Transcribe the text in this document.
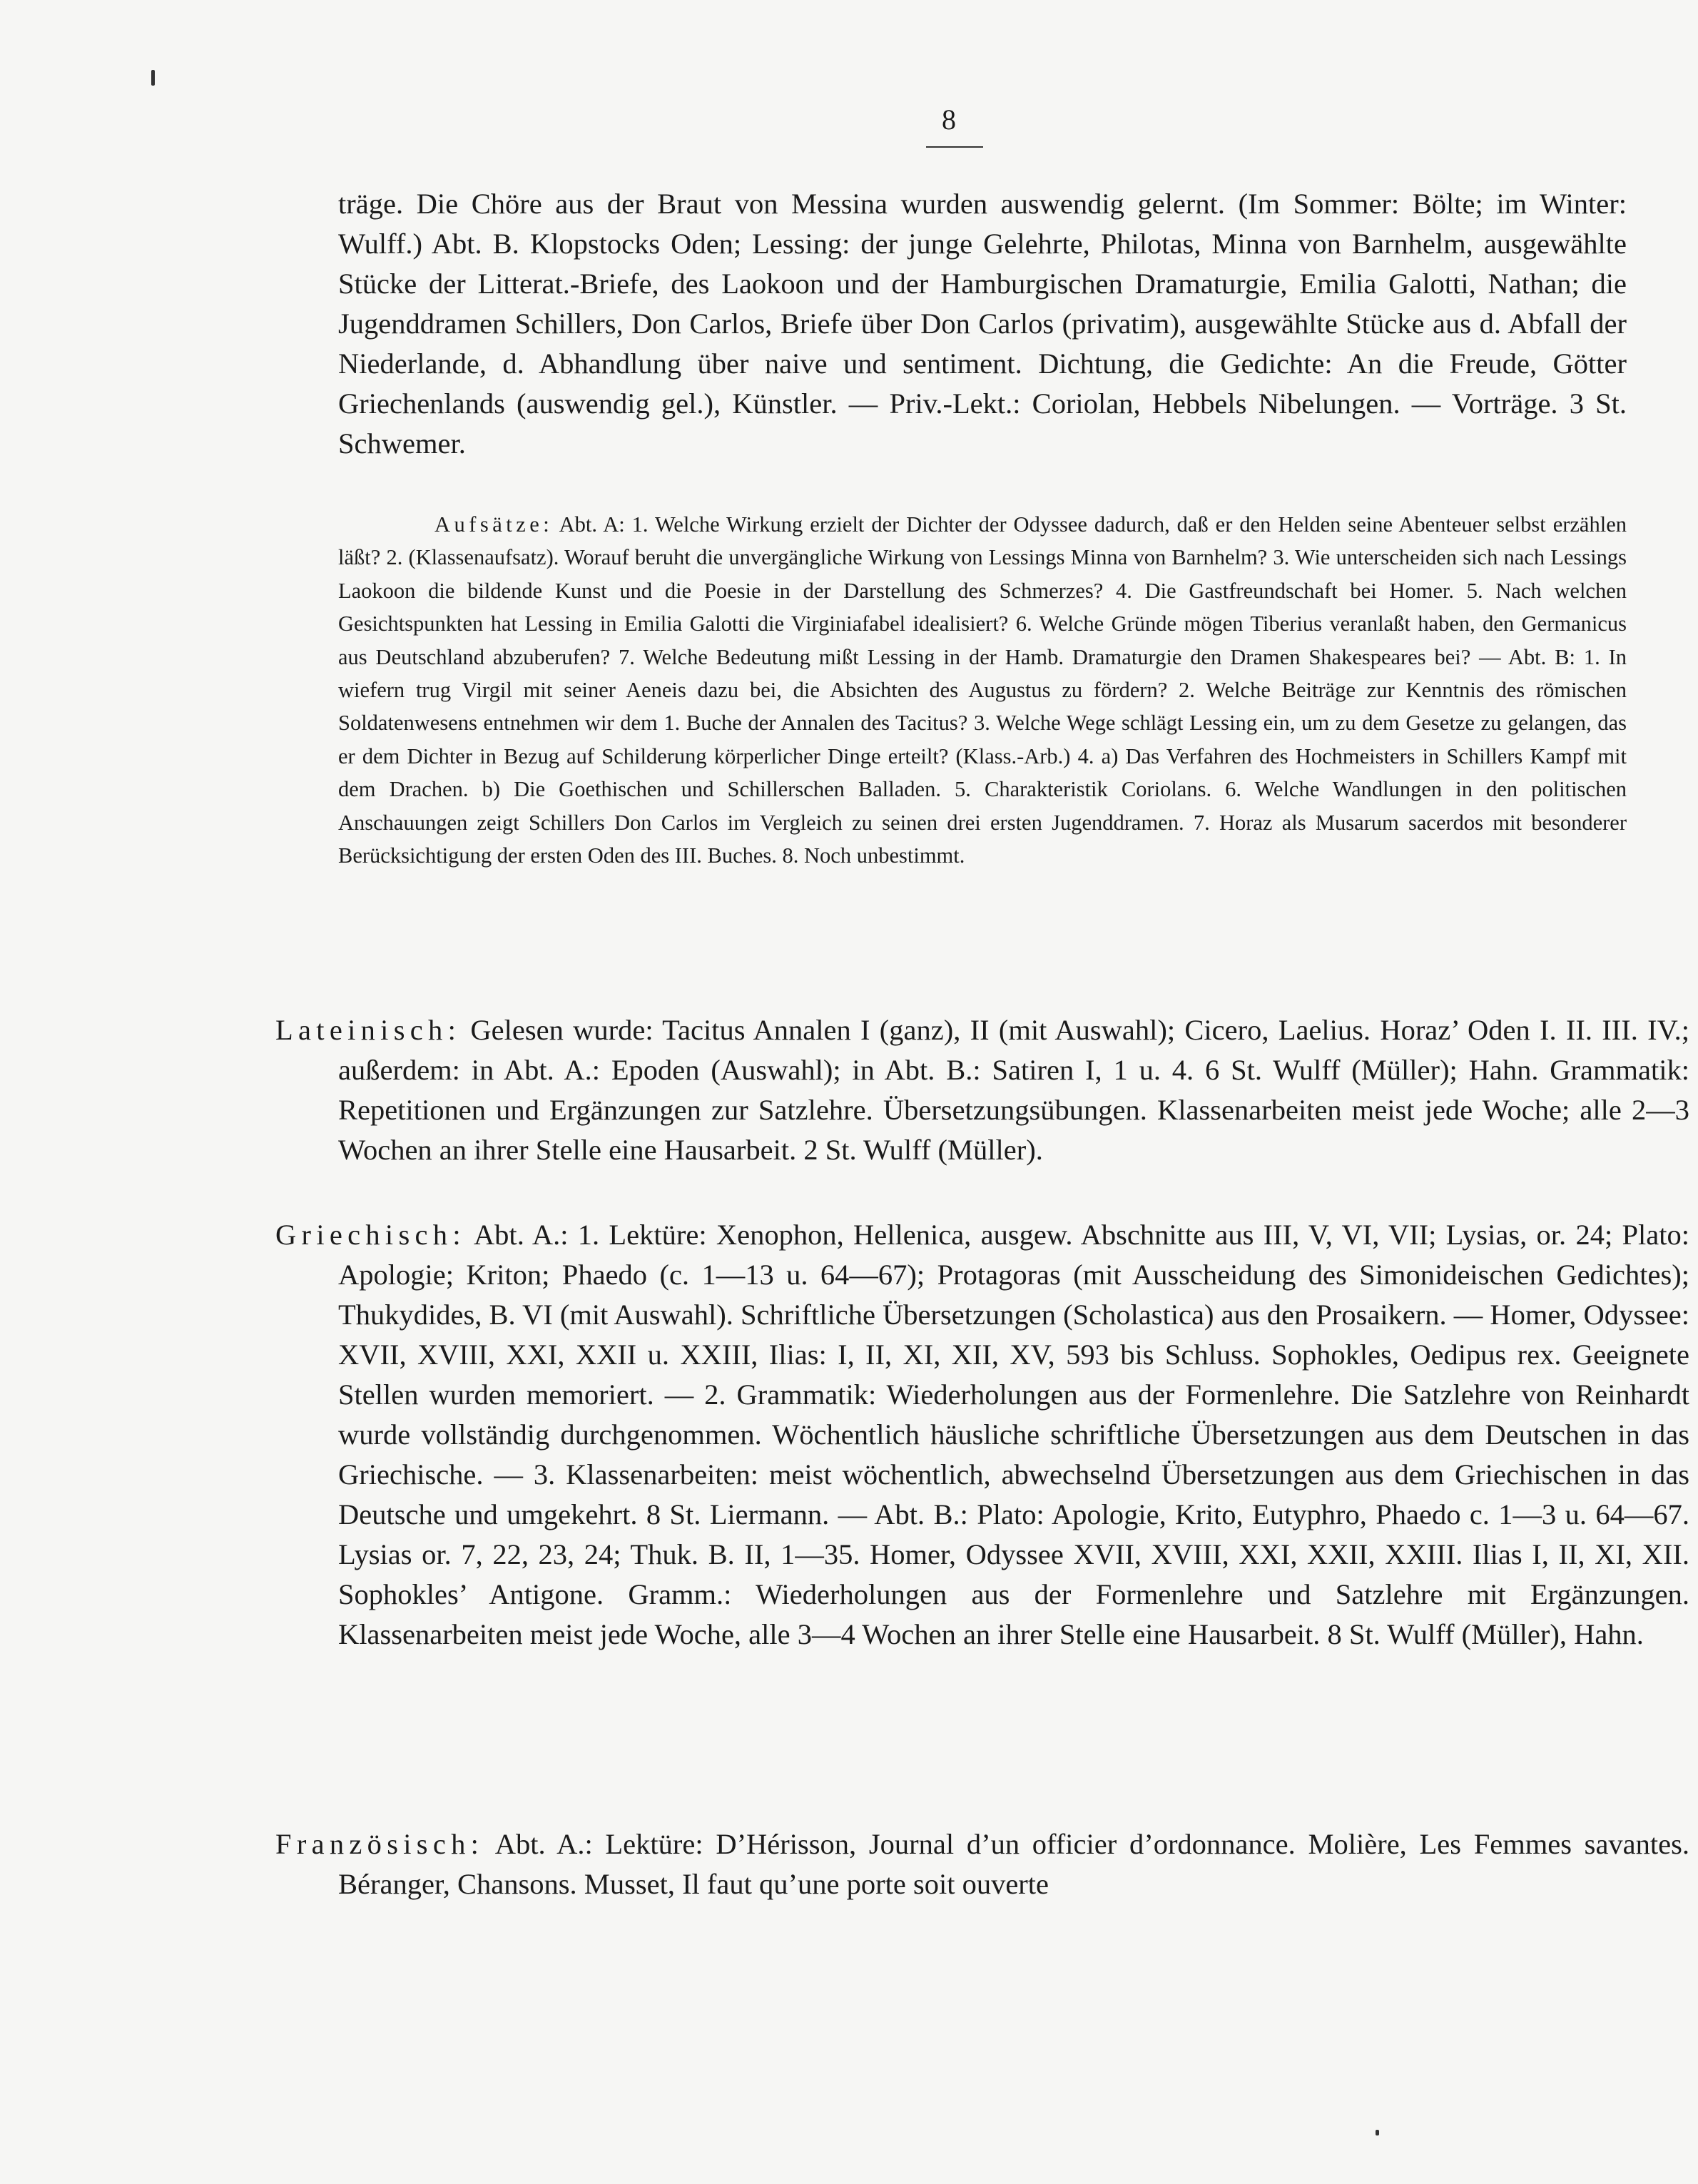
8

träge. Die Chöre aus der Braut von Messina wurden auswendig gelernt. (Im Sommer: Bölte; im Winter: Wulff.) Abt. B. Klopstocks Oden; Lessing: der junge Gelehrte, Philotas, Minna von Barnhelm, ausgewählte Stücke der Litterat.-Briefe, des Laokoon und der Hamburgischen Dramaturgie, Emilia Galotti, Nathan; die Jugenddramen Schillers, Don Carlos, Briefe über Don Carlos (privatim), ausgewählte Stücke aus d. Abfall der Niederlande, d. Abhandlung über naive und sentiment. Dichtung, die Gedichte: An die Freude, Götter Griechenlands (auswendig gel.), Künstler. — Priv.-Lekt.: Coriolan, Hebbels Nibelungen. — Vorträge. 3 St. Schwemer.

Aufsätze: Abt. A: 1. Welche Wirkung erzielt der Dichter der Odyssee dadurch, daß er den Helden seine Abenteuer selbst erzählen läßt? 2. (Klassenaufsatz). Worauf beruht die unvergängliche Wirkung von Lessings Minna von Barnhelm? 3. Wie unterscheiden sich nach Lessings Laokoon die bildende Kunst und die Poesie in der Darstellung des Schmerzes? 4. Die Gastfreundschaft bei Homer. 5. Nach welchen Gesichtspunkten hat Lessing in Emilia Galotti die Virginiafabel idealisiert? 6. Welche Gründe mögen Tiberius veranlaßt haben, den Germanicus aus Deutschland abzuberufen? 7. Welche Bedeutung mißt Lessing in der Hamb. Dramaturgie den Dramen Shakespeares bei? — Abt. B: 1. In wiefern trug Virgil mit seiner Aeneis dazu bei, die Absichten des Augustus zu fördern? 2. Welche Beiträge zur Kenntnis des römischen Soldatenwesens entnehmen wir dem 1. Buche der Annalen des Tacitus? 3. Welche Wege schlägt Lessing ein, um zu dem Gesetze zu gelangen, das er dem Dichter in Bezug auf Schilderung körperlicher Dinge erteilt? (Klass.-Arb.) 4. a) Das Verfahren des Hochmeisters in Schillers Kampf mit dem Drachen. b) Die Goethischen und Schillerschen Balladen. 5. Charakteristik Coriolans. 6. Welche Wandlungen in den politischen Anschauungen zeigt Schillers Don Carlos im Vergleich zu seinen drei ersten Jugenddramen. 7. Horaz als Musarum sacerdos mit besonderer Berücksichtigung der ersten Oden des III. Buches. 8. Noch unbestimmt.

Lateinisch: Gelesen wurde: Tacitus Annalen I (ganz), II (mit Auswahl); Cicero, Laelius. Horaz’ Oden I. II. III. IV.; außerdem: in Abt. A.: Epoden (Auswahl); in Abt. B.: Satiren I, 1 u. 4. 6 St. Wulff (Müller); Hahn. Grammatik: Repetitionen und Ergänzungen zur Satzlehre. Übersetzungsübungen. Klassenarbeiten meist jede Woche; alle 2—3 Wochen an ihrer Stelle eine Hausarbeit. 2 St. Wulff (Müller).

Griechisch: Abt. A.: 1. Lektüre: Xenophon, Hellenica, ausgew. Abschnitte aus III, V, VI, VII; Lysias, or. 24; Plato: Apologie; Kriton; Phaedo (c. 1—13 u. 64—67); Protagoras (mit Ausscheidung des Simonideischen Gedichtes); Thukydides, B. VI (mit Auswahl). Schriftliche Übersetzungen (Scholastica) aus den Prosaikern. — Homer, Odyssee: XVII, XVIII, XXI, XXII u. XXIII, Ilias: I, II, XI, XII, XV, 593 bis Schluss. Sophokles, Oedipus rex. Geeignete Stellen wurden memoriert. — 2. Grammatik: Wiederholungen aus der Formenlehre. Die Satzlehre von Reinhardt wurde vollständig durchgenommen. Wöchentlich häusliche schriftliche Übersetzungen aus dem Deutschen in das Griechische. — 3. Klassenarbeiten: meist wöchentlich, abwechselnd Übersetzungen aus dem Griechischen in das Deutsche und umgekehrt. 8 St. Liermann. — Abt. B.: Plato: Apologie, Krito, Eutyphro, Phaedo c. 1—3 u. 64—67. Lysias or. 7, 22, 23, 24; Thuk. B. II, 1—35. Homer, Odyssee XVII, XVIII, XXI, XXII, XXIII. Ilias I, II, XI, XII. Sophokles’ Antigone. Gramm.: Wiederholungen aus der Formenlehre und Satzlehre mit Ergänzungen. Klassenarbeiten meist jede Woche, alle 3—4 Wochen an ihrer Stelle eine Hausarbeit. 8 St. Wulff (Müller), Hahn.

Französisch: Abt. A.: Lektüre: D’Hérisson, Journal d’un officier d’ordonnance. Molière, Les Femmes savantes. Béranger, Chansons. Musset, Il faut qu’une porte soit ouverte
